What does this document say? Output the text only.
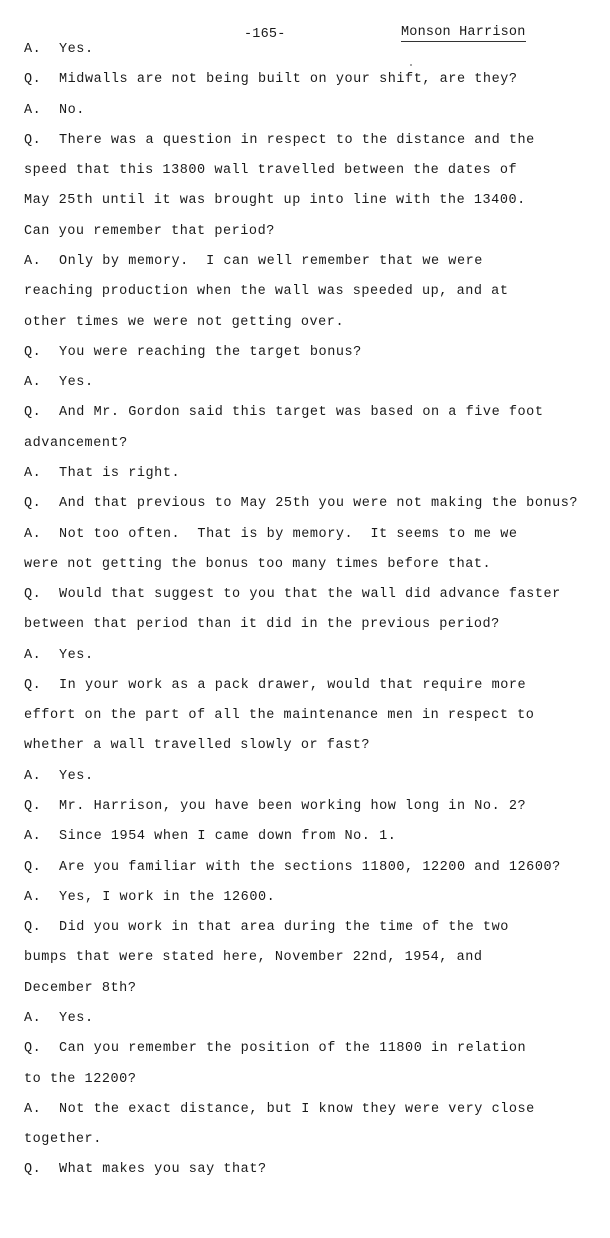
-165-	Monson Harrison
A. Yes.
Q. Midwalls are not being built on your shift, are they?
A. No.
Q. There was a question in respect to the distance and the
speed that this 13800 wall travelled between the dates of
May 25th until it was brought up into line with the 13400.
Can you remember that period?
A. Only by memory.  I can well remember that we were
reaching production when the wall was speeded up, and at
other times we were not getting over.
Q. You were reaching the target bonus?
A. Yes.
Q. And Mr. Gordon said this target was based on a five foot
advancement?
A. That is right.
Q. And that previous to May 25th you were not making the bonus?
A. Not too often.  That is by memory.  It seems to me we
were not getting the bonus too many times before that.
Q. Would that suggest to you that the wall did advance faster
between that period than it did in the previous period?
A. Yes.
Q. In your work as a pack drawer, would that require more
effort on the part of all the maintenance men in respect to
whether a wall travelled slowly or fast?
A. Yes.
Q. Mr. Harrison, you have been working how long in No. 2?
A. Since 1954 when I came down from No. 1.
Q. Are you familiar with the sections 11800, 12200 and 12600?
A. Yes, I work in the 12600.
Q. Did you work in that area during the time of the two
bumps that were stated here, November 22nd, 1954, and
December 8th?
A. Yes.
Q. Can you remember the position of the 11800 in relation
to the 12200?
A. Not the exact distance, but I know they were very close
together.
Q. What makes you say that?
